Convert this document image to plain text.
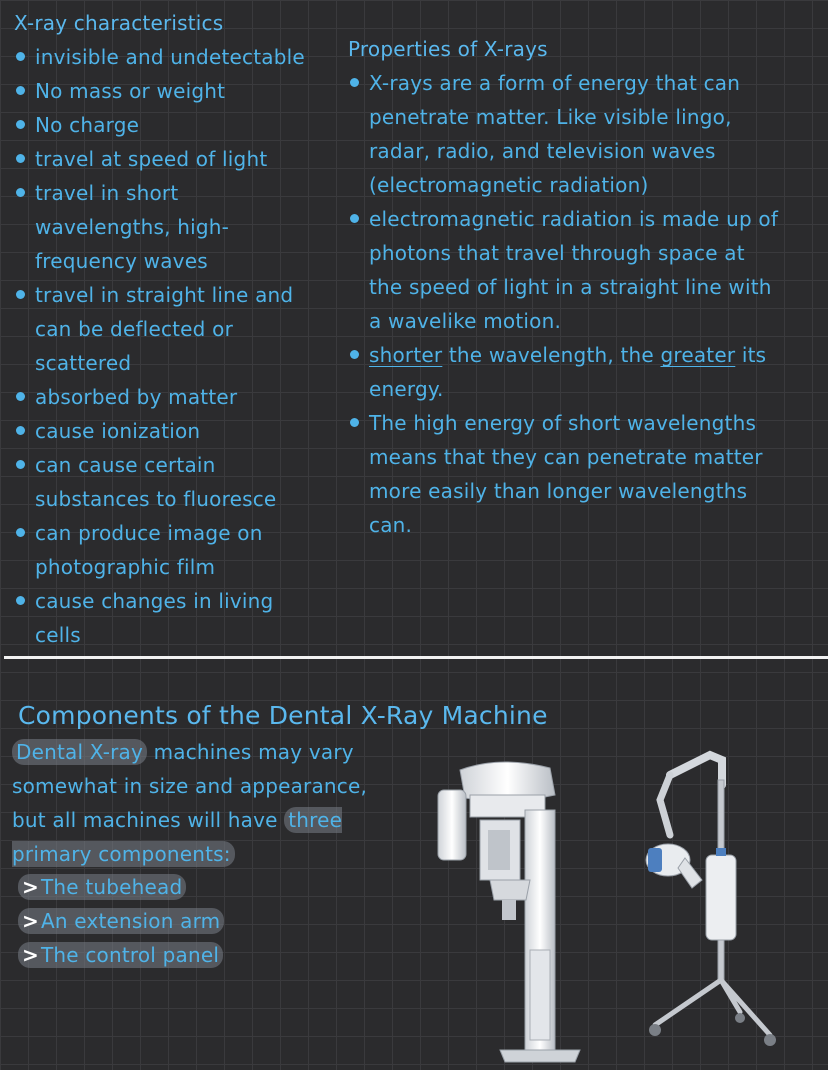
X-ray characteristics
invisible and undetectable
No mass or weight
No charge
travel at speed of light
travel in short wavelengths, high-frequency waves
travel in straight line and can be deflected or scattered
absorbed by matter
cause ionization
can cause certain substances to fluoresce
can produce image on photographic film
cause changes in living cells
Properties of X-rays
X-rays are a form of energy that can penetrate matter. Like visible lingo, radar, radio, and television waves (electromagnetic radiation)
electromagnetic radiation is made up of photons that travel through space at the speed of light in a straight line with a wavelike motion.
shorter the wavelength, the greater its energy.
The high energy of short wavelengths means that they can penetrate matter more easily than longer wavelengths can.
Components of the Dental X-Ray Machine
Dental X-ray machines may vary somewhat in size and appearance, but all machines will have three primary components:
> The tubehead
> An extension arm
> The control panel
